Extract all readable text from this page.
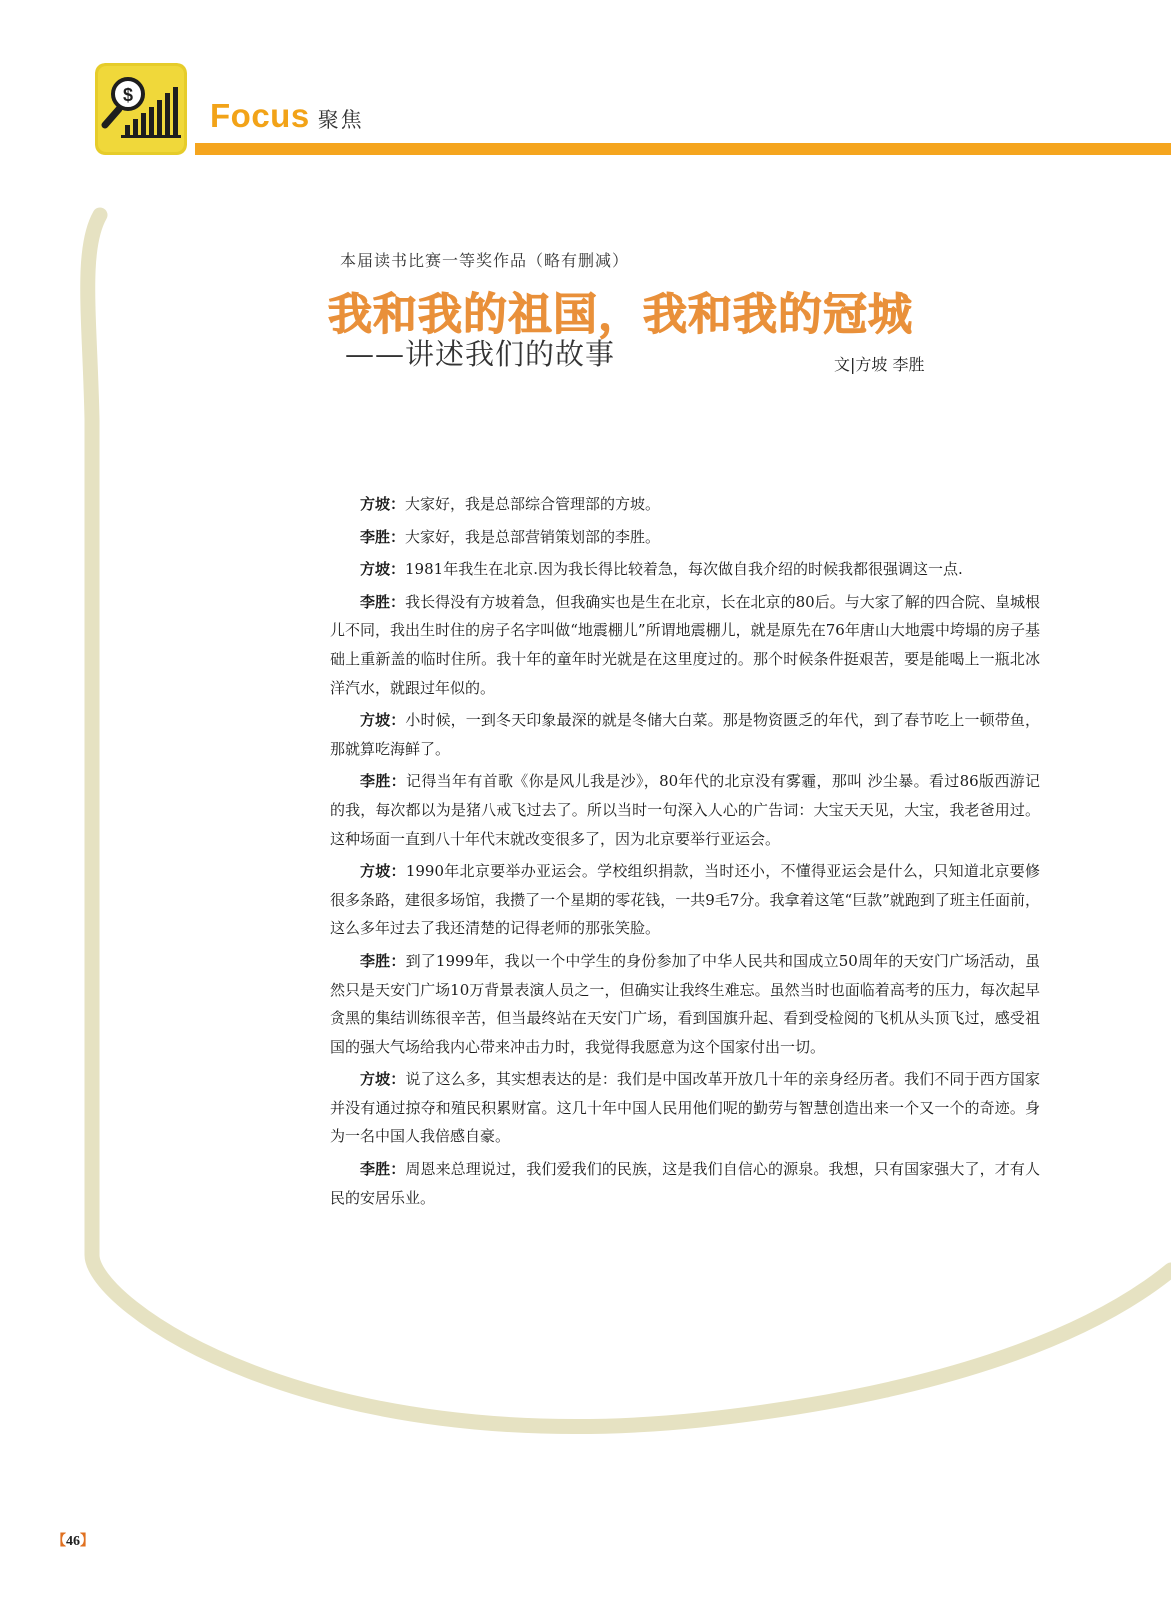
$
Focus 聚焦
本届读书比赛一等奖作品（略有删减）
我和我的祖国，我和我的冠城
——讲述我们的故事	文|方坡 李胜

方坡：大家好，我是总部综合管理部的方坡。

李胜：大家好，我是总部营销策划部的李胜。

方坡：1981年我生在北京.因为我长得比较着急，每次做自我介绍的时候我都很强调这一点.

李胜：我长得没有方坡着急，但我确实也是生在北京，长在北京的80后。与大家了解的四合院、皇城根儿不同，我出生时住的房子名字叫做“地震棚儿”所谓地震棚儿，就是原先在76年唐山大地震中垮塌的房子基础上重新盖的临时住所。我十年的童年时光就是在这里度过的。那个时候条件挺艰苦，要是能喝上一瓶北冰洋汽水，就跟过年似的。

方坡：小时候，一到冬天印象最深的就是冬储大白菜。那是物资匮乏的年代，到了春节吃上一顿带鱼，那就算吃海鲜了。

李胜：记得当年有首歌《你是风儿我是沙》，80年代的北京没有雾霾，那叫 沙尘暴。看过86版西游记的我，每次都以为是猪八戒飞过去了。所以当时一句深入人心的广告词：大宝天天见，大宝，我老爸用过。这种场面一直到八十年代末就改变很多了，因为北京要举行亚运会。

方坡：1990年北京要举办亚运会。学校组织捐款，当时还小，不懂得亚运会是什么，只知道北京要修很多条路，建很多场馆，我攒了一个星期的零花钱，一共9毛7分。我拿着这笔“巨款”就跑到了班主任面前，这么多年过去了我还清楚的记得老师的那张笑脸。

李胜：到了1999年，我以一个中学生的身份参加了中华人民共和国成立50周年的天安门广场活动，虽然只是天安门广场10万背景表演人员之一，但确实让我终生难忘。虽然当时也面临着高考的压力，每次起早贪黑的集结训练很辛苦，但当最终站在天安门广场，看到国旗升起、看到受检阅的飞机从头顶飞过，感受祖国的强大气场给我内心带来冲击力时，我觉得我愿意为这个国家付出一切。

方坡：说了这么多，其实想表达的是：我们是中国改革开放几十年的亲身经历者。我们不同于西方国家并没有通过掠夺和殖民积累财富。这几十年中国人民用他们呢的勤劳与智慧创造出来一个又一个的奇迹。身为一名中国人我倍感自豪。

李胜：周恩来总理说过，我们爱我们的民族，这是我们自信心的源泉。我想，只有国家强大了，才有人民的安居乐业。

【46】
